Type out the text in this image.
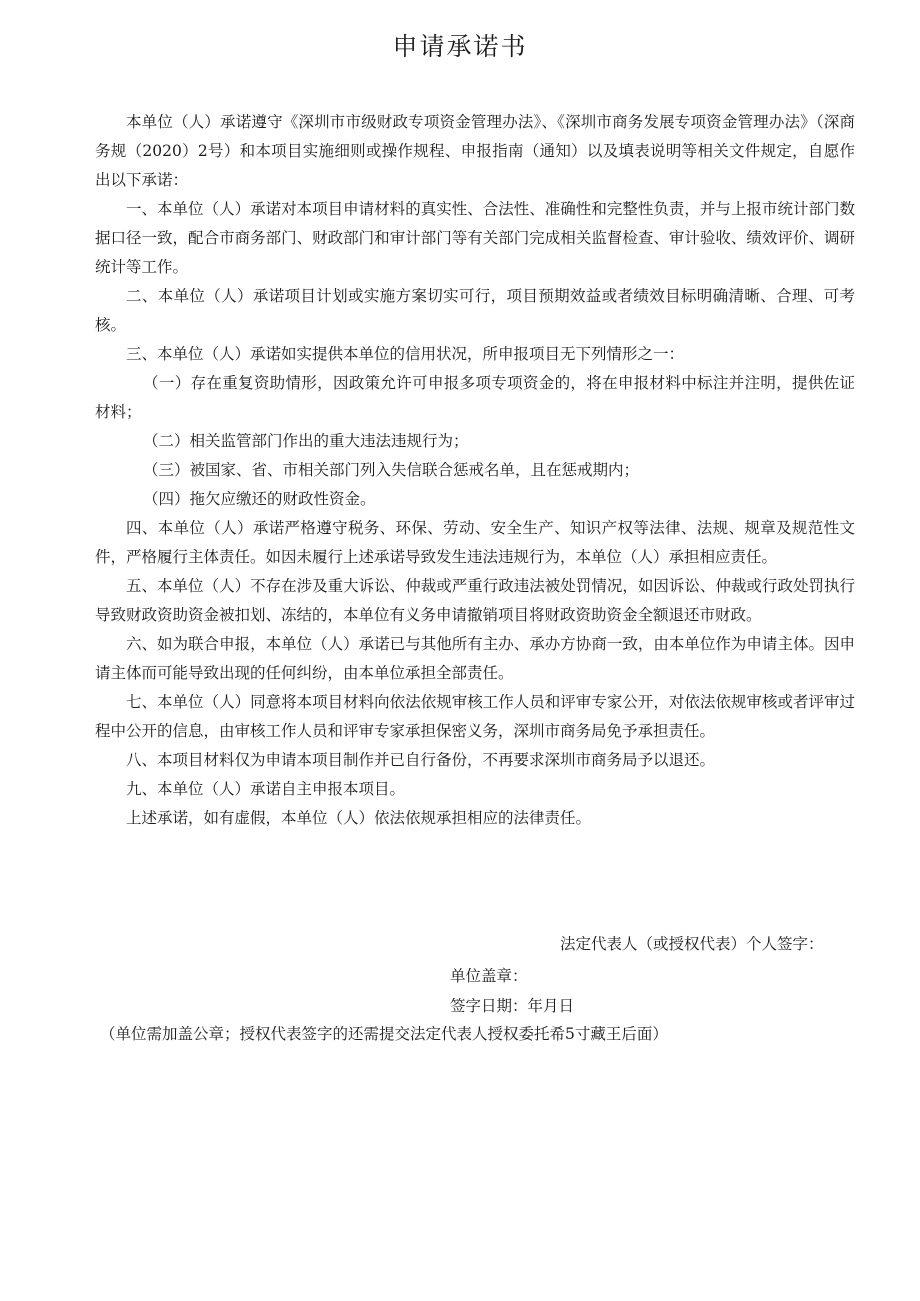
申请承诺书

本单位（人）承诺遵守《深圳市市级财政专项资金管理办法》、《深圳市商务发展专项资金管理办法》（深商务规（2020）2号）和本项目实施细则或操作规程、申报指南（通知）以及填表说明等相关文件规定，自愿作出以下承诺：

一、本单位（人）承诺对本项目申请材料的真实性、合法性、准确性和完整性负责，并与上报市统计部门数据口径一致，配合市商务部门、财政部门和审计部门等有关部门完成相关监督检查、审计验收、绩效评价、调研统计等工作。

二、本单位（人）承诺项目计划或实施方案切实可行，项目预期效益或者绩效目标明确清晰、合理、可考核。

三、本单位（人）承诺如实提供本单位的信用状况，所申报项目无下列情形之一：

（一）存在重复资助情形，因政策允许可申报多项专项资金的，将在申报材料中标注并注明，提供佐证材料；

（二）相关监管部门作出的重大违法违规行为；

（三）被国家、省、市相关部门列入失信联合惩戒名单，且在惩戒期内；

（四）拖欠应缴还的财政性资金。

四、本单位（人）承诺严格遵守税务、环保、劳动、安全生产、知识产权等法律、法规、规章及规范性文件，严格履行主体责任。如因未履行上述承诺导致发生违法违规行为，本单位（人）承担相应责任。

五、本单位（人）不存在涉及重大诉讼、仲裁或严重行政违法被处罚情况，如因诉讼、仲裁或行政处罚执行导致财政资助资金被扣划、冻结的，本单位有义务申请撤销项目将财政资助资金全额退还市财政。

六、如为联合申报，本单位（人）承诺已与其他所有主办、承办方协商一致，由本单位作为申请主体。因申请主体而可能导致出现的任何纠纷，由本单位承担全部责任。

七、本单位（人）同意将本项目材料向依法依规审核工作人员和评审专家公开，对依法依规审核或者评审过程中公开的信息，由审核工作人员和评审专家承担保密义务，深圳市商务局免予承担责任。

八、本项目材料仅为申请本项目制作并已自行备份，不再要求深圳市商务局予以退还。

九、本单位（人）承诺自主申报本项目。

上述承诺，如有虚假，本单位（人）依法依规承担相应的法律责任。

法定代表人（或授权代表）个人签字：
单位盖章：
签字日期：年月日
（单位需加盖公章；授权代表签字的还需提交法定代表人授权委托希5寸藏王后面）
